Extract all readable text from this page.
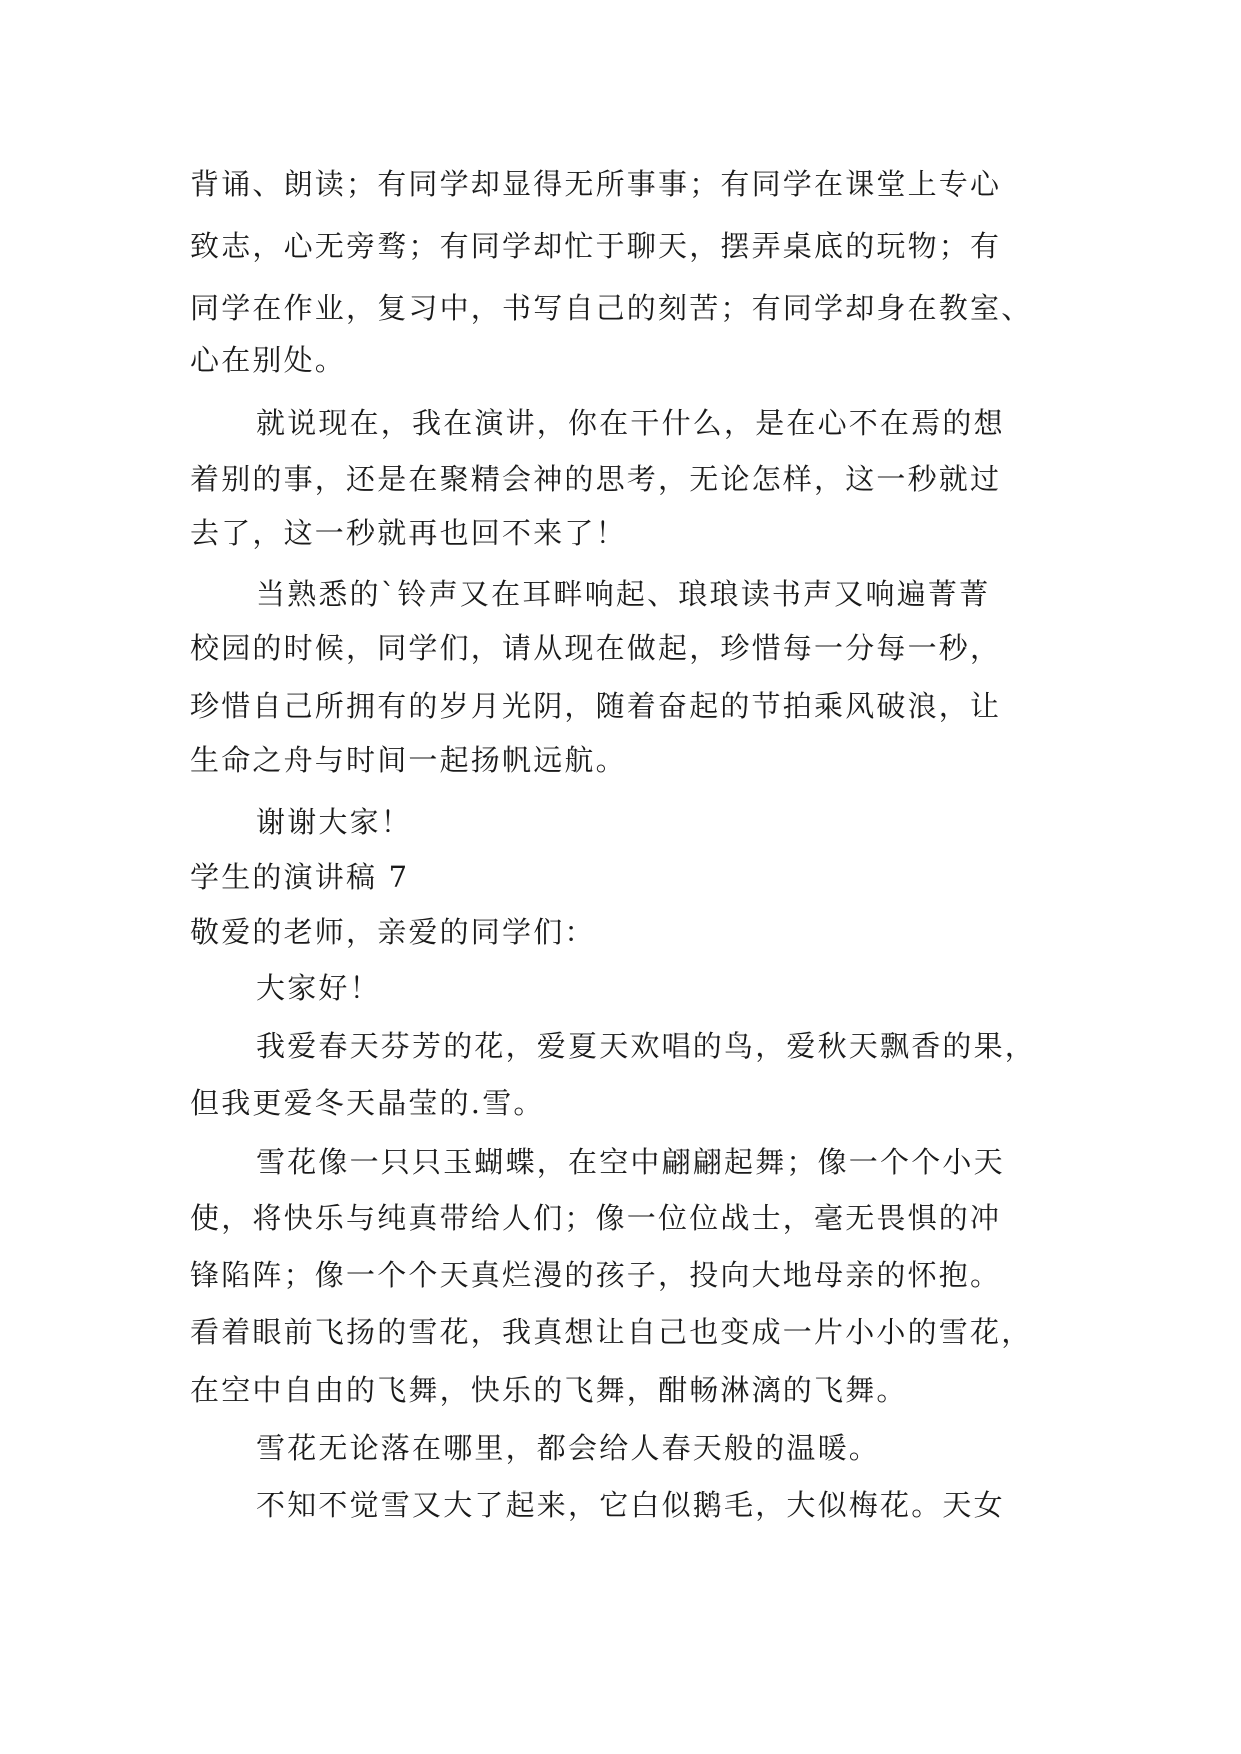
背诵、朗读；有同学却显得无所事事；有同学在课堂上专心
致志，心无旁骛；有同学却忙于聊天，摆弄桌底的玩物；有
同学在作业，复习中，书写自己的刻苦；有同学却身在教室、
心在别处。
就说现在，我在演讲，你在干什么，是在心不在焉的想
着别的事，还是在聚精会神的思考，无论怎样，这一秒就过
去了，这一秒就再也回不来了！
当熟悉的`铃声又在耳畔响起、琅琅读书声又响遍菁菁
校园的时候，同学们，请从现在做起，珍惜每一分每一秒，
珍惜自己所拥有的岁月光阴，随着奋起的节拍乘风破浪，让
生命之舟与时间一起扬帆远航。
谢谢大家！
学生的演讲稿 7
敬爱的老师，亲爱的同学们：
大家好！
我爱春天芬芳的花，爱夏天欢唱的鸟，爱秋天飘香的果，
但我更爱冬天晶莹的.雪。
雪花像一只只玉蝴蝶，在空中翩翩起舞；像一个个小天
使，将快乐与纯真带给人们；像一位位战士，毫无畏惧的冲
锋陷阵；像一个个天真烂漫的孩子，投向大地母亲的怀抱。
看着眼前飞扬的雪花，我真想让自己也变成一片小小的雪花，
在空中自由的飞舞，快乐的飞舞，酣畅淋漓的飞舞。
雪花无论落在哪里，都会给人春天般的温暖。
不知不觉雪又大了起来，它白似鹅毛，大似梅花。天女
